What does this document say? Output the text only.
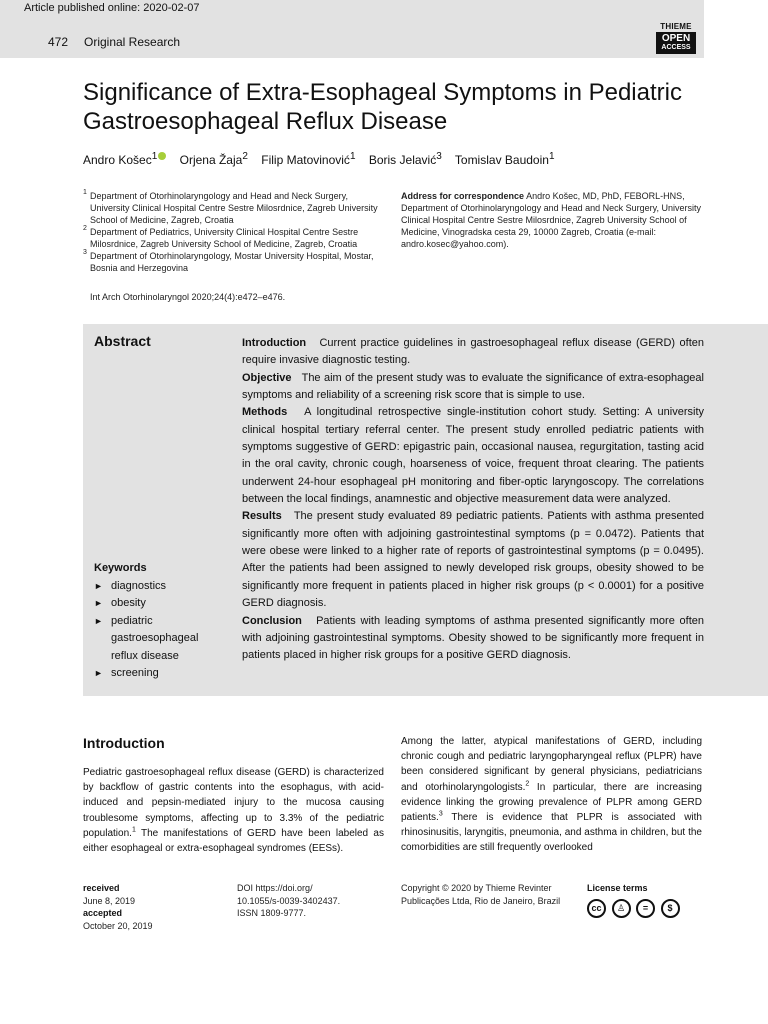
Article published online: 2020-02-07
472 Original Research
THIEME
OPEN
ACCESS
Significance of Extra-Esophageal Symptoms in Pediatric Gastroesophageal Reflux Disease
Andro Košec$^1$ Orjena Žaja$^2$ Filip Matovinović$^1$ Boris Jelavić$^3$ Tomislav Baudoin$^1$
1 Department of Otorhinolaryngology and Head and Neck Surgery, University Clinical Hospital Centre Sestre Milosrdnice, Zagreb University School of Medicine, Zagreb, Croatia
2 Department of Pediatrics, University Clinical Hospital Centre Sestre Milosrdnice, Zagreb University School of Medicine, Zagreb, Croatia
3 Department of Otorhinolaryngology, Mostar University Hospital, Mostar, Bosnia and Herzegovina
Address for correspondence Andro Košec, MD, PhD, FEBORL-HNS, Department of Otorhinolaryngology and Head and Neck Surgery, University Clinical Hospital Centre Sestre Milosrdnice, Zagreb University School of Medicine, Vinogradska cesta 29, 10000 Zagreb, Croatia (e-mail: andro.kosec@yahoo.com).
Int Arch Otorhinolaryngol 2020;24(4):e472–e476.
Abstract
Keywords
► diagnostics
► obesity
► pediatric gastroesophageal reflux disease
► screening
Introduction Current practice guidelines in gastroesophageal reflux disease (GERD) often require invasive diagnostic testing.
Objective The aim of the present study was to evaluate the significance of extra-esophageal symptoms and reliability of a screening risk score that is simple to use.
Methods A longitudinal retrospective single-institution cohort study. Setting: A university clinical hospital tertiary referral center. The present study enrolled pediatric patients with symptoms suggestive of GERD: epigastric pain, occasional nausea, regurgitation, tasting acid in the oral cavity, chronic cough, hoarseness of voice, frequent throat clearing. The patients underwent 24-hour esophageal pH monitoring and fiber-optic laryngoscopy. The correlations between the local findings, anamnestic and objective measurement data were analyzed.
Results The present study evaluated 89 pediatric patients. Patients with asthma presented significantly more often with adjoining gastrointestinal symptoms (p = 0.0472). Patients that were obese were linked to a higher rate of reports of gastrointestinal symptoms (p = 0.0495). After the patients had been assigned to newly developed risk groups, obesity showed to be significantly more frequent in patients placed in higher risk groups (p < 0.0001) for a positive GERD diagnosis.
Conclusion Patients with leading symptoms of asthma presented significantly more often with adjoining gastrointestinal symptoms. Obesity showed to be significantly more frequent in patients placed in higher risk groups for a positive GERD diagnosis.
Introduction
Pediatric gastroesophageal reflux disease (GERD) is characterized by backflow of gastric contents into the esophagus, with acid-induced and pepsin-mediated injury to the mucosa causing troublesome symptoms, affecting up to 3.3% of the pediatric population.$^1$ The manifestations of GERD have been labeled as either esophageal or extra-esophageal syndromes (EESs).
Among the latter, atypical manifestations of GERD, including chronic cough and pediatric laryngopharyngeal reflux (PLPR) have been considered significant by general physicians, pediatricians and otorhinolaryngologists.$^2$ In particular, there are increasing evidence linking the growing prevalence of PLPR among GERD patients.$^3$ There is evidence that PLPR is associated with rhinosinusitis, laryngitis, pneumonia, and asthma in children, but the comorbidities are still frequently overlooked
received
June 8, 2019
accepted
October 20, 2019
DOI https://doi.org/
10.1055/s-0039-3402437.
ISSN 1809-9777.
Copyright © 2020 by Thieme Revinter Publicações Ltda, Rio de Janeiro, Brazil
License terms
cc ♙ = $
